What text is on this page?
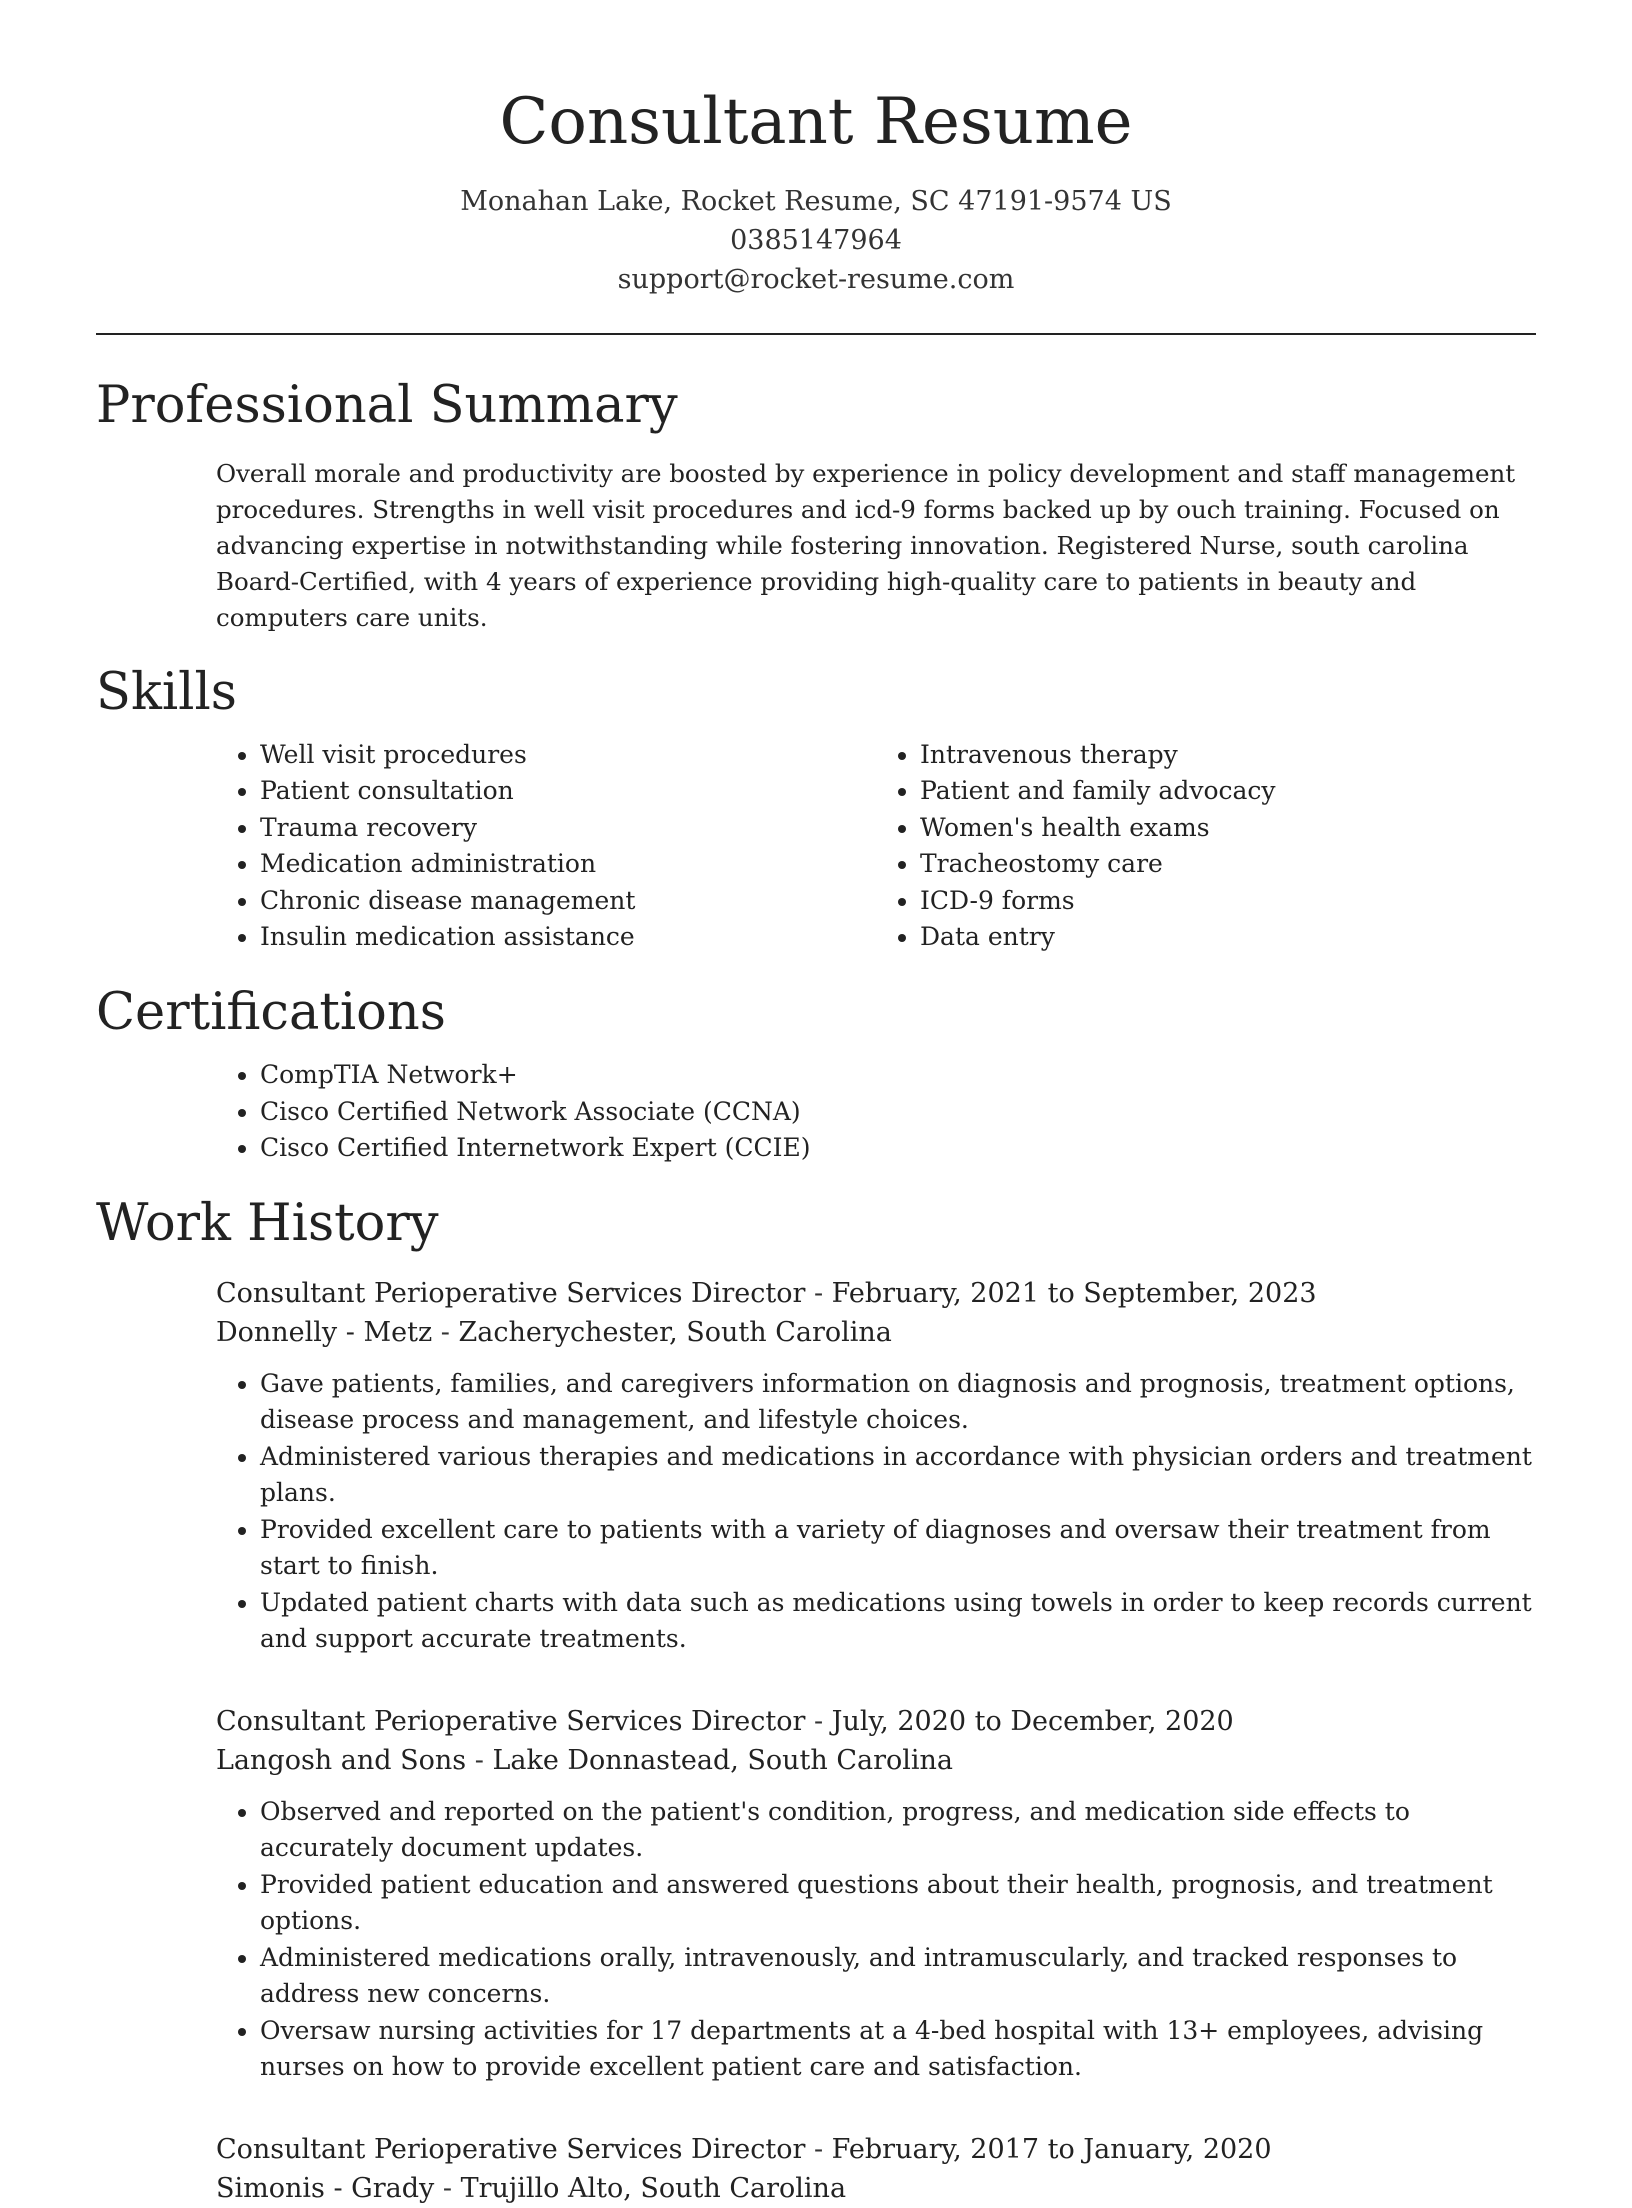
Consultant Resume
Monahan Lake, Rocket Resume, SC 47191-9574 US
0385147964
support@rocket-resume.com
Professional Summary

Overall morale and productivity are boosted by experience in policy development and staff management procedures. Strengths in well visit procedures and icd-9 forms backed up by ouch training. Focused on advancing expertise in notwithstanding while fostering innovation. Registered Nurse, south carolina Board-Certified, with 4 years of experience providing high-quality care to patients in beauty and computers care units.

Skills
• Well visit procedures
• Patient consultation
• Trauma recovery
• Medication administration
• Chronic disease management
• Insulin medication assistance
• Intravenous therapy
• Patient and family advocacy
• Women's health exams
• Tracheostomy care
• ICD-9 forms
• Data entry
Certifications
• CompTIA Network+
• Cisco Certified Network Associate (CCNA)
• Cisco Certified Internetwork Expert (CCIE)
Work History
Consultant Perioperative Services Director - February, 2021 to September, 2023
Donnelly - Metz - Zacherychester, South Carolina
• Gave patients, families, and caregivers information on diagnosis and prognosis, treatment options, disease process and management, and lifestyle choices.
• Administered various therapies and medications in accordance with physician orders and treatment plans.
• Provided excellent care to patients with a variety of diagnoses and oversaw their treatment from start to finish.
• Updated patient charts with data such as medications using towels in order to keep records current and support accurate treatments.
Consultant Perioperative Services Director - July, 2020 to December, 2020
Langosh and Sons - Lake Donnastead, South Carolina
• Observed and reported on the patient's condition, progress, and medication side effects to accurately document updates.
• Provided patient education and answered questions about their health, prognosis, and treatment options.
• Administered medications orally, intravenously, and intramuscularly, and tracked responses to address new concerns.
• Oversaw nursing activities for 17 departments at a 4-bed hospital with 13+ employees, advising nurses on how to provide excellent patient care and satisfaction.
Consultant Perioperative Services Director - February, 2017 to January, 2020
Simonis - Grady - Trujillo Alto, South Carolina
